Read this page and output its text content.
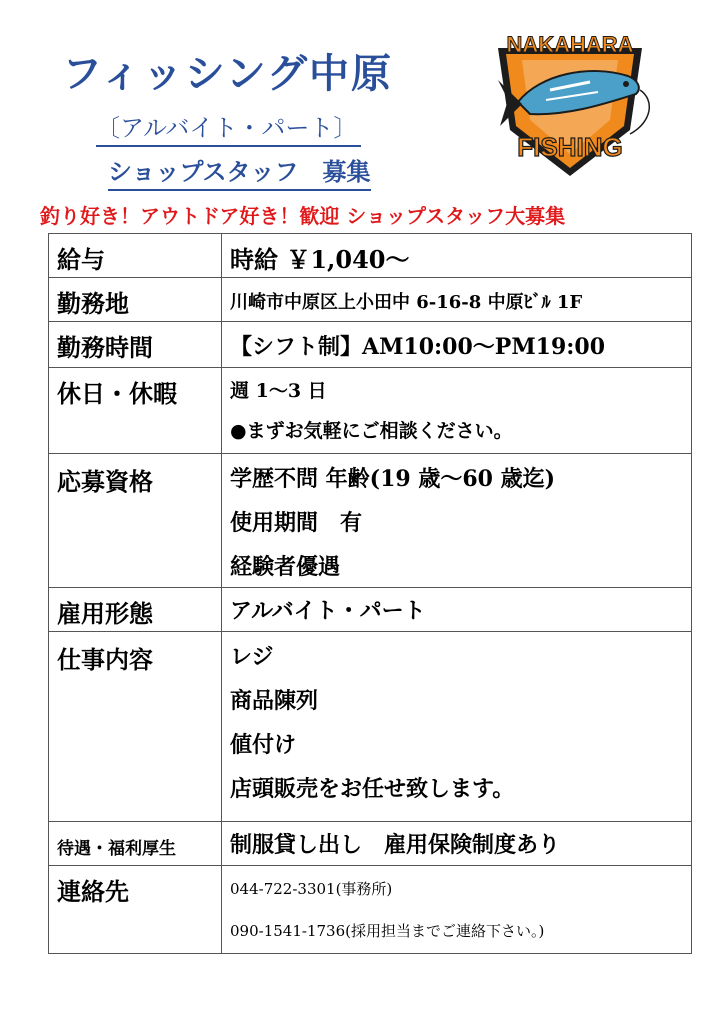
フィッシング中原
〔アルバイト・パート〕
ショップスタッフ　募集
NAKAHARA
FISHING
釣り好き！アウトドア好き！歓迎 ショップスタッフ大募集
給与	時給 ￥1,040～
勤務地	川崎市中原区上小田中 6-16-8 中原ﾋﾞﾙ 1F
勤務時間	【シフト制】AM10:00～PM19:00
休日・休暇	週 1～3 日
●まずお気軽にご相談ください。

応募資格	学歴不問 年齢(19 歳～60 歳迄)
使用期間　有
経験者優遇

雇用形態	アルバイト・パート
仕事内容	レジ
商品陳列
値付け
店頭販売をお任せ致します。

待遇・福利厚生	制服貸し出し　雇用保険制度あり
連絡先	044-722-3301(事務所)
090-1541-1736(採用担当までご連絡下さい。)
